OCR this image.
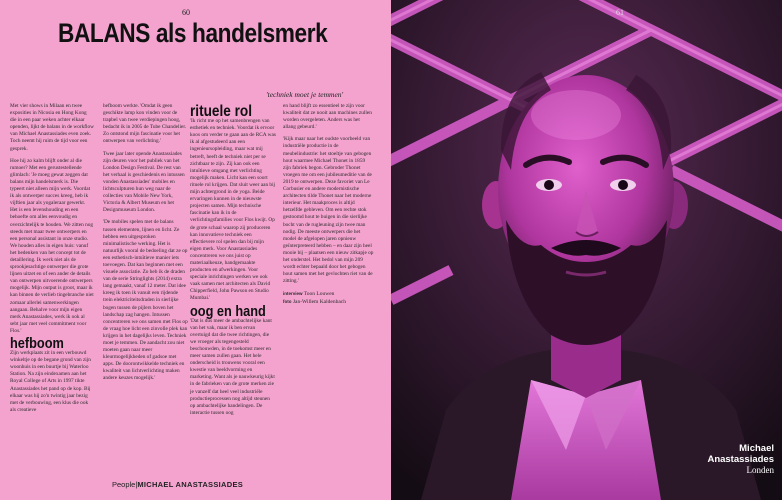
60
BALANS als handelsmerk
'techniek moet je temmen'

Met vier shows in Milaan en twee exposities in Nicosia en Hong Kong die in een paar weken achter elkaar openden, lijkt de balans in de workflow van Michael Anastassiades even zoek. Toch neemt hij ruim de tijd voor een gesprek.

Hoe hij zo kalm blijft onder al die rumoer? Met een gerustestellende glimlach: 'Je moeg gewat zeggen dat balans mijn handelsmerk is. Die typeert niet alleen mijn werk. Voordat ik als ontwerper succes kreeg, heb ik vijftien jaar als yogaleraar gewerkt. Het is een levenshouding en een behoefte om alles eenvoudig en overzichtelijk te houden. We zitten nog steeds met maar twee ontwerpers en een personal assistant in onze studio. We houden alles in eigen huis: vanuf het bedenken van het concept tot de detaillering. Ik werk niet als de sprookjesachtige ontwerper die grote lijnen uitzet en of een ander de details van ontwerpen uitvoerende ontwerpers mogelijk. Mijn output is groot, maar ik kan binnen de verlieb tingebranche niet zomaar allerlei samenwerkingen aangaan. Behalve voor mijn eigen merk Anastassiades, werk ik ook al sebt jaar met veel commitment voor Flos.'

hefboom

Zijn werkplaats zit in een verbouwd winkeltje op de begane grond van zijn woonhuis in een buurtje bij Waterloo Station. Na zijn eindexamen aan het Royal College of Arts in 1997 tikte Anastassiades het pand op de kop. Bij elkaar was hij zo'n twintig jaar bezig met de verbouwing, een klus die ook als creatieve

hefboom werkte. 'Omdat ik geen geschikte lamp kon vinden voor de trapbel van twee verdiepingen hoog, bedacht ik in 2005 de Tube Chandelier. Zo ontstond mijn fascinatie voor het ontwerpen van verlichting.'

Twee jaar later opende Anastassiades zijn deuren voor het publiek van het London Design Festival. De rest van het verhaal is geschiedenis en intussen vonden Anastassiades' mobiles en lichtsculpturen hun weg naar de collecties van Mobile New York, Victoria & Albert Museum en het Designmuseum London.

'De mobiles spelen met de balans tussen elementen, lijnen en licht. Ze hebben een uitgesproken minimalistische werking. Het is natuurlijk vooral de bedoeling dat ze op een esthetisch-intuïtieve manier iets toevoegen. Dat kan beginnen met een visuele associatie. Zo heb ik de draden van de serie Stringlights (2014) extra lang gemaakt, vanaf 12 meter. Dat idee kreeg ik toen ik vanuit een rijdende trein elektriciteitsdraden in sierlijke bogen tussen de pijlers boven het landschap zag hangen. Intussen concentreren we ons samen met Flos op de vraag hoe licht een zinvolle plek kan krijgen in het dagelijks leven. Techniek moet je temmen. De aandacht zou niet moeten gaan naar meer kleurmogelijkheden of gadsoe met apps. De doorontwikkelde techniek en kwaliteit van lichtverlichting maken andere keuzes mogelijk.'

rituele rol

'Ik richt me op het samenbrengen van esthetiek en techniek. Voordat ik ervoor koos om verder te gaan aan de RCA was ik al afgestudeerd aan een ingenieursopleiding, maar wat mij betreft, heeft de techniek niet per se zichtbaar te zijn. Zij kan ook een intuïtieve omgang met verlichting mogelijk maken. Licht kan een soort rituele rol krijgen. Dat sluit weer aan bij mijn achtergrond in de yoga. Beide ervaringen kunnen in de nieuwste projecten samen. Mijn technische fascinatie kan ik in de verlichtingsfamilies voor Flos kwijt. Op de grote schaal waarop zij produceren kan innovatieve techniek een effectievere rol spelen dan bij mijn eigen merk. Voor Anastassiades concentreren we ons juist op materiaalkeuze, handgemaakte producten en afwerkingen. Voor speciale inrichtingen werken we ook vaak samen met architecten als David Chipperfield, John Pawson en Studio Mumbai.'

oog en hand

'Dat is dus meer de ambachtelijke kant van het vak, maar ik ben ervan overtuigd dat die twee richtingen, die we vroeger als tegengesteld beschouwden, in de toekomst meer en meer samen zullen gaan. Het hele onderscheid is trouwens vooral een kwestie van beeldvorming en marketing. Want als je nauwkeurig kijkt in de fabrieken van de grote merken zie je vanzelf dat heel veel industriële productieprocessen nog altijd steunen op ambachtelijke handelingen. De interactie tussen oog

en hand blijft zo essentieel te zijn voor kwaliteit dat ze nooit aan machines zullen worden overgeleten. Anders was het allang gebeurd.'

'Kijk maar naar het oudste voorbeeld van industriële productie in de meubelindustrie: het stoeltje van gebogen hout waarmee Michael Thonet in 1859 zijn fabriek begon. Gebroder Thonet vroegen me om een jubileumeditie van de 2019 te ontwerpen. Deze favoriet van Le Corbusier en andere modernistische architecten tilde Thonet naar het moderne interieur. Het maakproces is altijd hetzelfde gebleven. Om een rechte stok gestoomd hout te buigen in die sierlijke bocht van de rugleuning zijn twee man nodig. De meeste ontwerpers die het model de afgelopen jaren opnieuw geïnterpreteerd hebben – en daar zijn heel mooie bij – plaatsen een nieuw zitkapje op het onderstel. Het bedol van mijn 209 wordt echter bepaald door het gebogen hout samen met het gevlochten riet van de zitting.'

interview Toon Louwen
foto Jan-Willem Kaldenbach
People|MICHAEL ANASTASSIADES
61
Michael
Anastassiades
Londen
